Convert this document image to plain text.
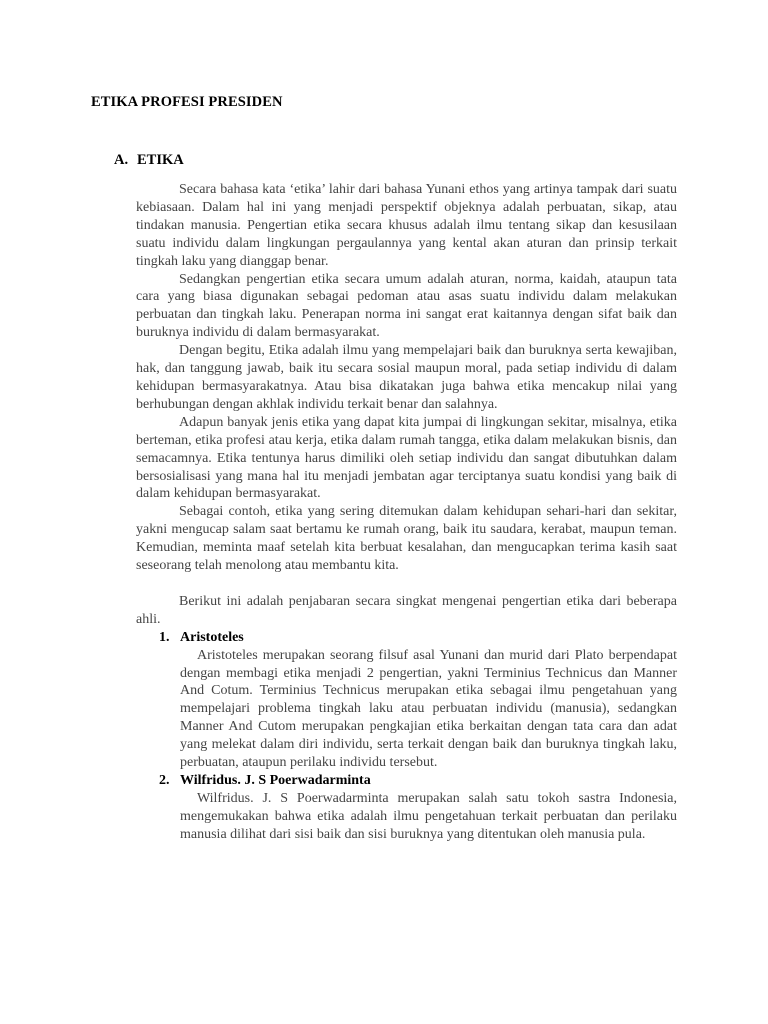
ETIKA PROFESI PRESIDEN
A. ETIKA

Secara bahasa kata ‘etika’ lahir dari bahasa Yunani ethos yang artinya tampak dari suatu kebiasaan. Dalam hal ini yang menjadi perspektif objeknya adalah perbuatan, sikap, atau tindakan manusia. Pengertian etika secara khusus adalah ilmu tentang sikap dan kesusilaan suatu individu dalam lingkungan pergaulannya yang kental akan aturan dan prinsip terkait tingkah laku yang dianggap benar.

Sedangkan pengertian etika secara umum adalah aturan, norma, kaidah, ataupun tata cara yang biasa digunakan sebagai pedoman atau asas suatu individu dalam melakukan perbuatan dan tingkah laku. Penerapan norma ini sangat erat kaitannya dengan sifat baik dan buruknya individu di dalam bermasyarakat.

Dengan begitu, Etika adalah ilmu yang mempelajari baik dan buruknya serta kewajiban, hak, dan tanggung jawab, baik itu secara sosial maupun moral, pada setiap individu di dalam kehidupan bermasyarakatnya. Atau bisa dikatakan juga bahwa etika mencakup nilai yang berhubungan dengan akhlak individu terkait benar dan salahnya.

Adapun banyak jenis etika yang dapat kita jumpai di lingkungan sekitar, misalnya, etika berteman, etika profesi atau kerja, etika dalam rumah tangga, etika dalam melakukan bisnis, dan semacamnya. Etika tentunya harus dimiliki oleh setiap individu dan sangat dibutuhkan dalam bersosialisasi yang mana hal itu menjadi jembatan agar terciptanya suatu kondisi yang baik di dalam kehidupan bermasyarakat.

Sebagai contoh, etika yang sering ditemukan dalam kehidupan sehari-hari dan sekitar, yakni mengucap salam saat bertamu ke rumah orang, baik itu saudara, kerabat, maupun teman. Kemudian, meminta maaf setelah kita berbuat kesalahan, dan mengucapkan terima kasih saat seseorang telah menolong atau membantu kita.

Berikut ini adalah penjabaran secara singkat mengenai pengertian etika dari beberapa ahli.

1. Aristoteles

Aristoteles merupakan seorang filsuf asal Yunani dan murid dari Plato berpendapat dengan membagi etika menjadi 2 pengertian, yakni Terminius Technicus dan Manner And Cotum. Terminius Technicus merupakan etika sebagai ilmu pengetahuan yang mempelajari problema tingkah laku atau perbuatan individu (manusia), sedangkan Manner And Cutom merupakan pengkajian etika berkaitan dengan tata cara dan adat yang melekat dalam diri individu, serta terkait dengan baik dan buruknya tingkah laku, perbuatan, ataupun perilaku individu tersebut.

2. Wilfridus. J. S Poerwadarminta

Wilfridus. J. S Poerwadarminta merupakan salah satu tokoh sastra Indonesia, mengemukakan bahwa etika adalah ilmu pengetahuan terkait perbuatan dan perilaku manusia dilihat dari sisi baik dan sisi buruknya yang ditentukan oleh manusia pula.
